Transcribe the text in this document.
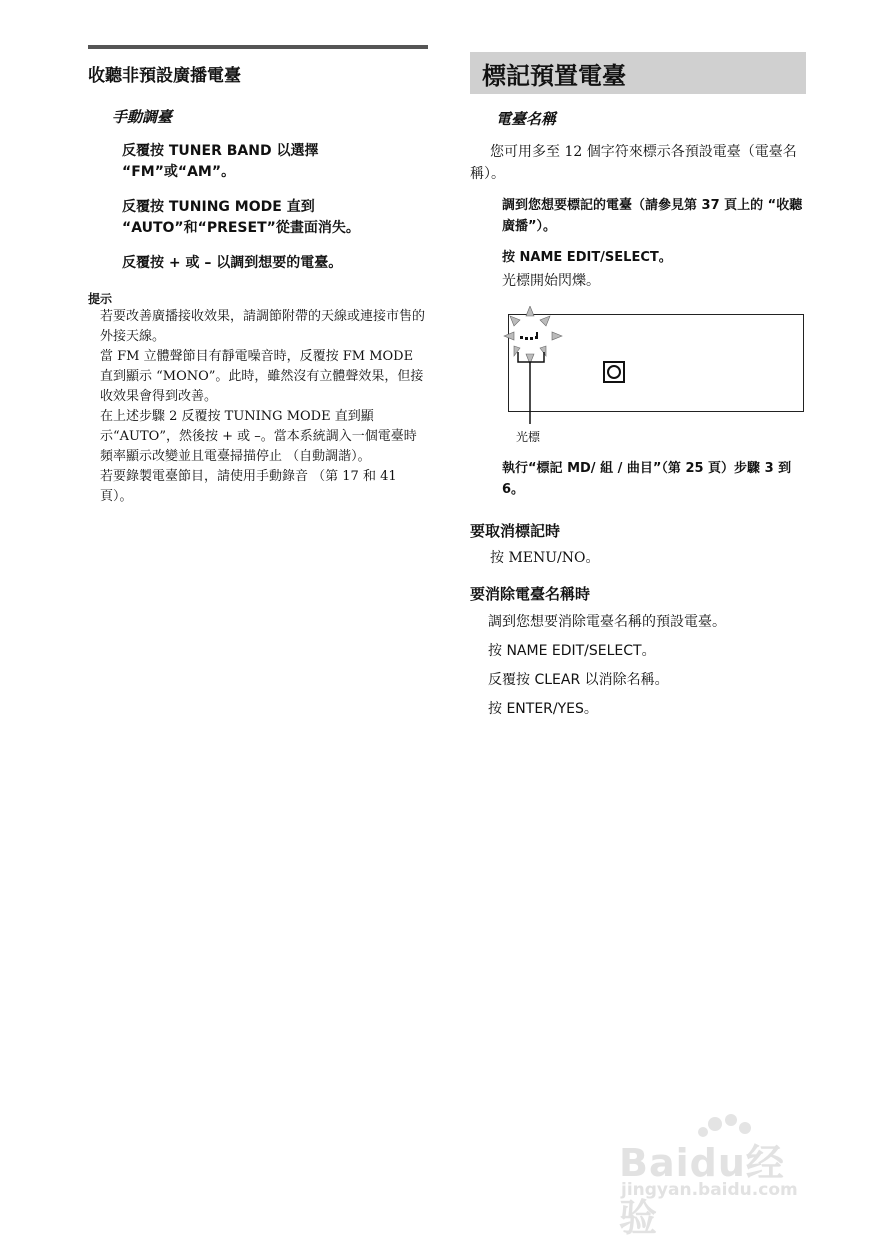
收聽非預設廣播電臺
手動調臺
反覆按 TUNER BAND 以選擇 “FM”或“AM”。
反覆按 TUNING MODE 直到 “AUTO”和“PRESET”從畫面消失。
反覆按 + 或 – 以調到想要的電臺。
提示
若要改善廣播接收效果，請調節附帶的天線或連接市售的外接天線。
當 FM 立體聲節目有靜電噪音時，反覆按 FM MODE 直到顯示 “MONO”。此時，雖然沒有立體聲效果，但接收效果會得到改善。
在上述步驟 2 反覆按 TUNING MODE 直到顯示“AUTO”，然後按 + 或 –。當本系統調入一個電臺時頻率顯示改變並且電臺掃描停止 （自動調諧）。
若要錄製電臺節目，請使用手動錄音 （第 17 和 41 頁）。
標記預置電臺
電臺名稱
您可用多至 12 個字符來標示各預設電臺（電臺名稱）。
調到您想要標記的電臺（請參見第 37 頁上的 “收聽廣播”）。
按 NAME EDIT/SELECT。
光標開始閃爍。
光標
執行“標記 MD/ 組 / 曲目”（第 25 頁）步驟 3 到 6。
要取消標記時
按 MENU/NO。
要消除電臺名稱時
調到您想要消除電臺名稱的預設電臺。
按 NAME EDIT/SELECT。
反覆按 CLEAR 以消除名稱。
按 ENTER/YES。
Baidu经验
jingyan.baidu.com
